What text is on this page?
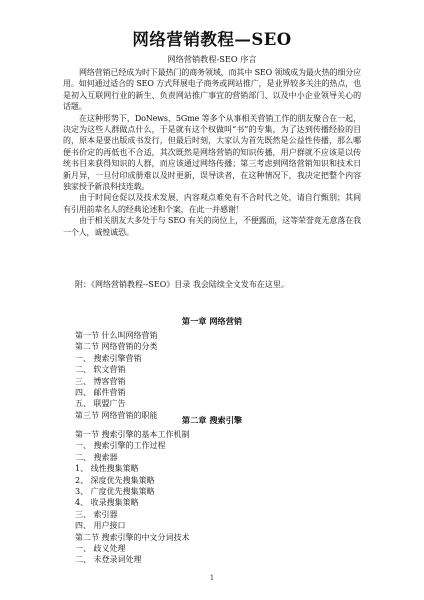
网络营销教程—SEO
网络营销教程-SEO 序言

网络营销已经成为时下最热门的商务领域，而其中 SEO 领域成为最火热的细分应用。如何通过适合的 SEO 方式拜展电子商务或网站推广，是业界较多关注的热点，也是初入互联网行业的新生、负责网站推广事宜的营销部门、以及中小企业领导关心的话题。

在这种形势下，DoNews、5Gme 等多个从事相关营销工作的朋友聚合在一起，决定为这些人群做点什么，于是就有这个权做叫“书”的专集，为了达到传播经验的目的，原本是要出版成书发行，但最后时刻，大家认为首先既然是公益性传播，那么哪便书价定的再低也不合适，其次既然是网络营销的知识传播，用户群就不应该是以传统书目来获得知识的人群，而应该通过网络传播；第三考虑到网络营销知识和技术日新月异，一旦付印成册难以及时更新，误导读者，在这种情况下，我决定把整个内容独家授予新浪科技连载。

由于时间仓促以及技术发展，内容观点难免有不合时代之处，请自行甄别；其间有引用前辈名人的经典论述和个案，在此一并感谢！

由于相关朋友大多处于与 SEO 有关的岗位上，不便露面，这等荣誉竟无意落在我一个人，诚惶诚恐。

附：《网络营销教程--SEO》目录 我会陆续全文发布在这里。
第一章 网络营销

第一节 什么叫网络营销

第二节 网络营销的分类

一、 搜索引擎营销

二、 软文营销

三、 博客营销

四、 邮件营销

五、 联盟广告

第三节 网络营销的职能	第二章 搜索引擎

第一节 搜索引擎的基本工作机制

一、 搜索引擎的工作过程

二、 搜索器

1、 线性搜集策略

2、 深度优先搜集策略

3、 广度优先搜集策略

4、 收录搜集策略

三、 索引器

四、 用户接口

第二节 搜索引擎的中文分词技术

一、 歧义处理

二、 未登录词处理

1
